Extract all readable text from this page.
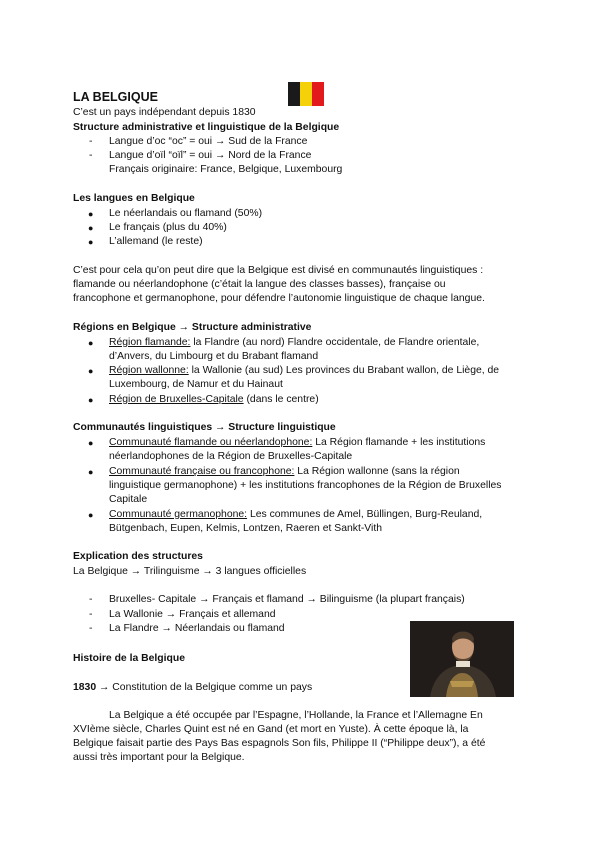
LA BELGIQUE
C’est un pays indépendant depuis 1830
Structure administrative et linguistique de la Belgique
- Langue d’oc “oc” = oui → Sud de la France
- Langue d’oïl “oïl” = oui → Nord de la France
Français originaire: France, Belgique, Luxembourg
Les langues en Belgique
● Le néerlandais ou flamand (50%)
● Le français (plus du 40%)
● L’allemand (le reste)
C’est pour cela qu’on peut dire que la Belgique est divisé en communautés linguistiques :
flamande ou néerlandophone (c’était la langue des classes basses), française ou
francophone et germanophone, pour défendre l’autonomie linguistique de chaque langue.
Régions en Belgique → Structure administrative
● Région flamande: la Flandre (au nord) Flandre occidentale, de Flandre orientale,
d’Anvers, du Limbourg et du Brabant flamand
● Région wallonne: la Wallonie (au sud) Les provinces du Brabant wallon, de Liège, de
Luxembourg, de Namur et du Hainaut
● Région de Bruxelles-Capitale (dans le centre)
Communautés linguistiques → Structure linguistique
● Communauté flamande ou néerlandophone: La Région flamande + les institutions
néerlandophones de la Région de Bruxelles-Capitale
● Communauté française ou francophone: La Région wallonne (sans la région
linguistique germanophone) + les institutions francophones de la Région de Bruxelles
Capitale
● Communauté germanophone: Les communes de Amel, Büllingen, Burg-Reuland,
Bütgenbach, Eupen, Kelmis, Lontzen, Raeren et Sankt-Vith
Explication des structures
La Belgique → Trilinguisme → 3 langues officielles
- Bruxelles- Capitale → Français et flamand → Bilinguisme (la plupart français)
- La Wallonie → Français et allemand
- La Flandre → Néerlandais ou flamand
Histoire de la Belgique
1830 → Constitution de la Belgique comme un pays
La Belgique a été occupée par l’Espagne, l’Hollande, la France et l’Allemagne En
XVIème siècle, Charles Quint est né en Gand (et mort en Yuste). À cette époque là, la
Belgique faisait partie des Pays Bas espagnols Son fils, Philippe II (“Philippe deux”), a été
aussi très important pour la Belgique.
